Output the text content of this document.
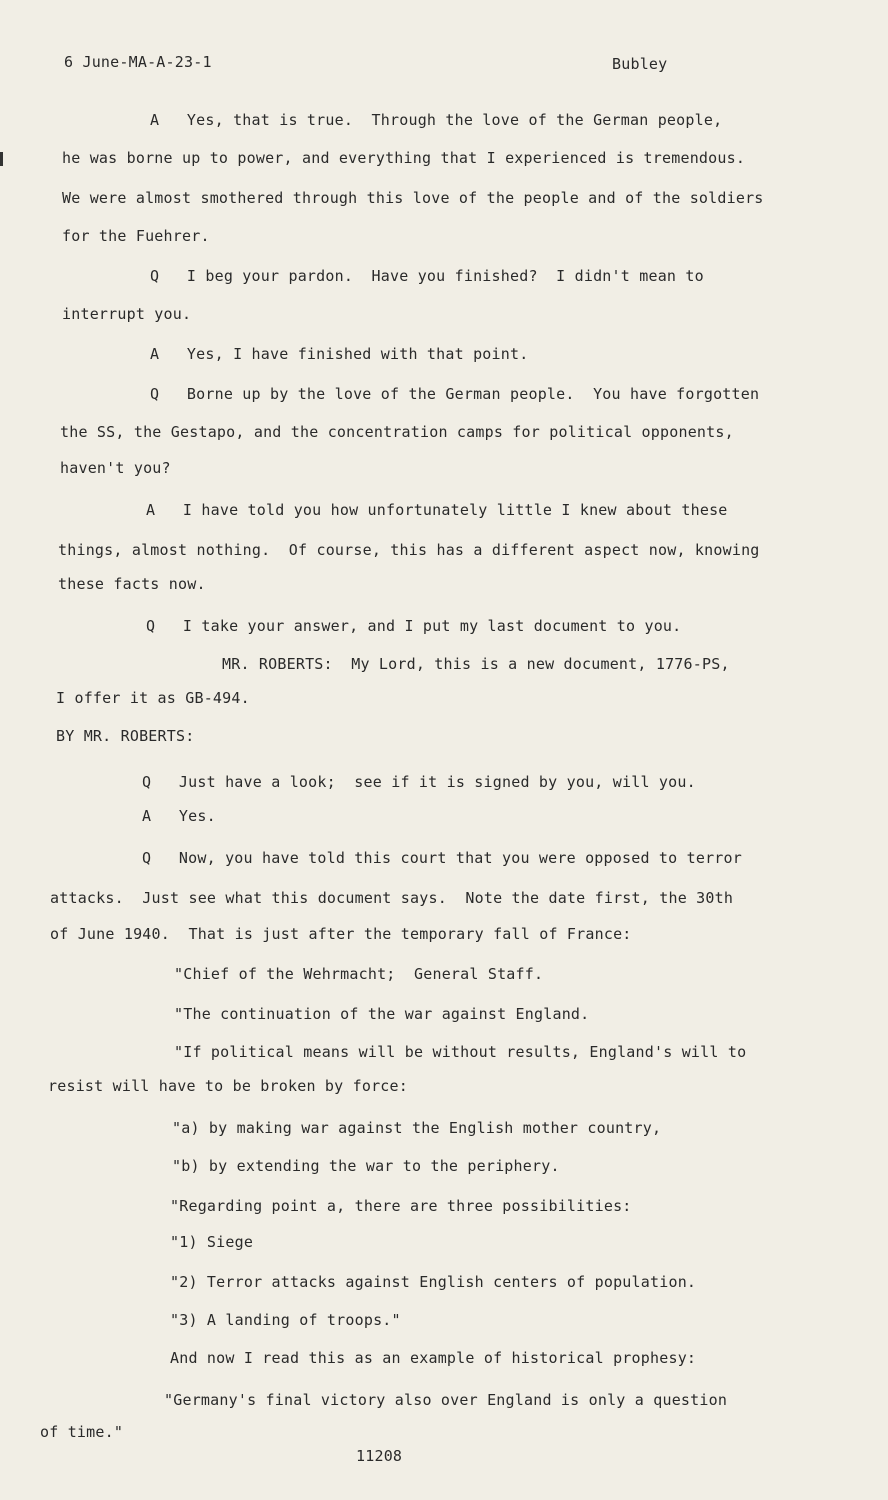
6 June-MA-A-23-1	Bubley
A   Yes, that is true.  Through the love of the German people,
he was borne up to power, and everything that I experienced is tremendous.
We were almost smothered through this love of the people and of the soldiers
for the Fuehrer.
Q   I beg your pardon.  Have you finished?  I didn't mean to
interrupt you.
A   Yes, I have finished with that point.
Q   Borne up by the love of the German people.  You have forgotten
the SS, the Gestapo, and the concentration camps for political opponents,
haven't you?
A   I have told you how unfortunately little I knew about these
things, almost nothing.  Of course, this has a different aspect now, knowing
these facts now.
Q   I take your answer, and I put my last document to you.
MR. ROBERTS:  My Lord, this is a new document, 1776-PS,
I offer it as GB-494.
BY MR. ROBERTS:
Q   Just have a look;  see if it is signed by you, will you.
A   Yes.
Q   Now, you have told this court that you were opposed to terror
attacks.  Just see what this document says.  Note the date first, the 30th
of June 1940.  That is just after the temporary fall of France:
"Chief of the Wehrmacht;  General Staff.
"The continuation of the war against England.
"If political means will be without results, England's will to
resist will have to be broken by force:
"a) by making war against the English mother country,
"b) by extending the war to the periphery.
"Regarding point a, there are three possibilities:
"1) Siege
"2) Terror attacks against English centers of population.
"3) A landing of troops."
And now I read this as an example of historical prophesy:
"Germany's final victory also over England is only a question
of time."
11208
